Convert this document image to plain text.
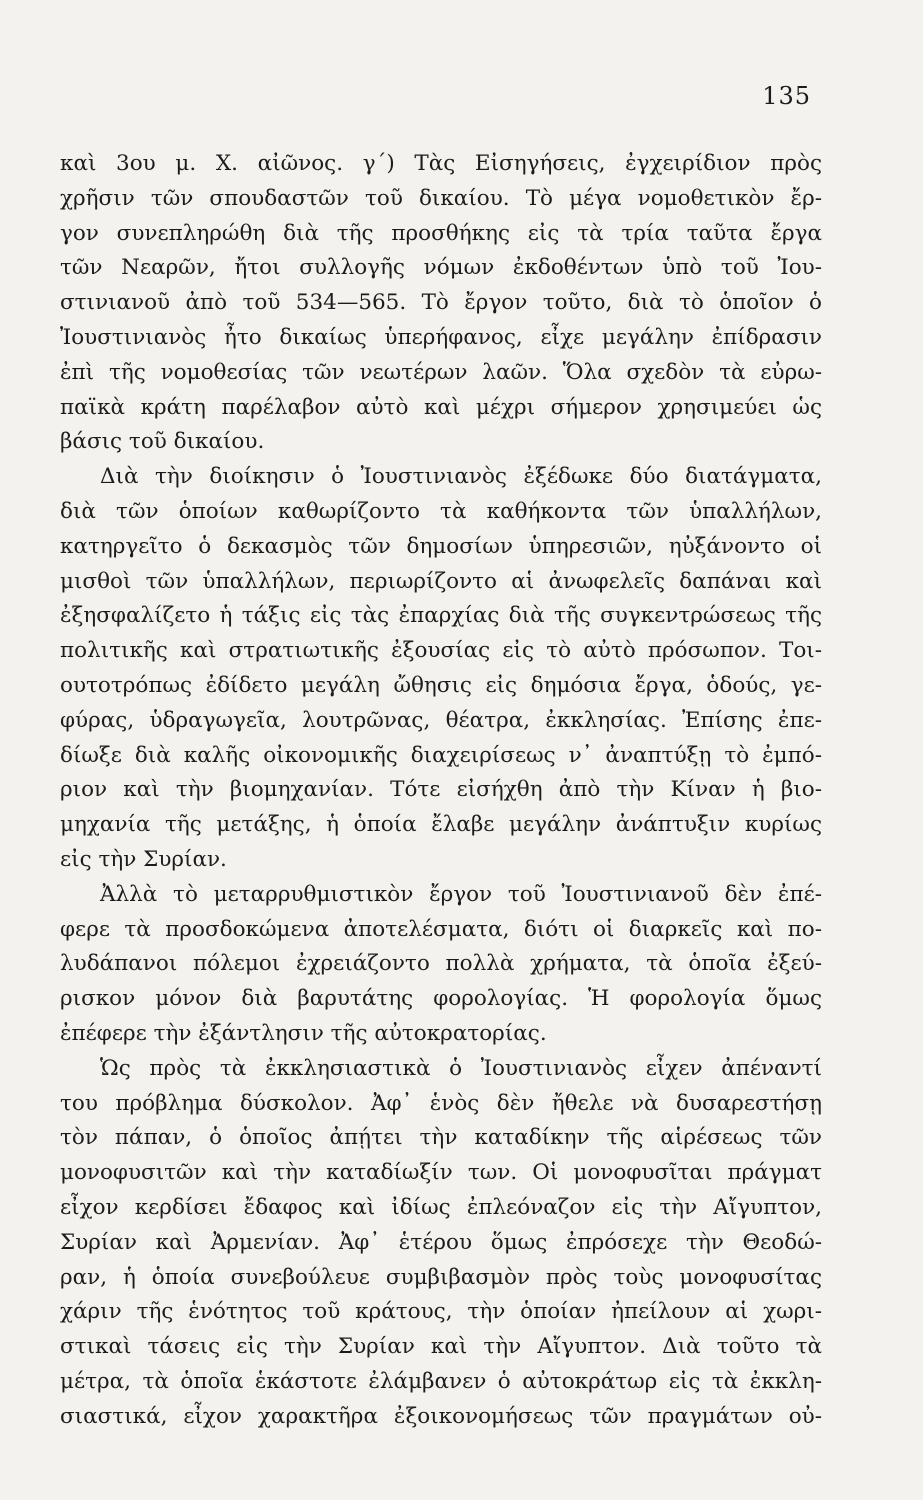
135
καὶ 3ου μ. Χ. αἰῶνος. γ΄) Τὰς Εἰσηγήσεις, ἐγχειρίδιον πρὸς
χρῆσιν τῶν σπουδαστῶν τοῦ δικαίου. Τὸ μέγα νομοθετικὸν ἔρ-
γον συνεπληρώθη διὰ τῆς προσθήκης εἰς τὰ τρία ταῦτα ἔργα
τῶν Νεαρῶν, ἤτοι συλλογῆς νόμων ἐκδοθέντων ὑπὸ τοῦ Ἰου-
στινιανοῦ ἀπὸ τοῦ 534—565. Τὸ ἔργον τοῦτο, διὰ τὸ ὁποῖον ὁ
Ἰουστινιανὸς ἦτο δικαίως ὑπερήφανος, εἶχε μεγάλην ἐπίδρασιν
ἐπὶ τῆς νομοθεσίας τῶν νεωτέρων λαῶν. Ὅλα σχεδὸν τὰ εὐρω-
παϊκὰ κράτη παρέλαβον αὐτὸ καὶ μέχρι σήμερον χρησιμεύει ὡς
βάσις τοῦ δικαίου.
Διὰ τὴν διοίκησιν ὁ Ἰουστινιανὸς ἐξέδωκε δύο διατάγματα,
διὰ τῶν ὁποίων καθωρίζοντο τὰ καθήκοντα τῶν ὑπαλλήλων,
κατηργεῖτο ὁ δεκασμὸς τῶν δημοσίων ὑπηρεσιῶν, ηὐξάνοντο οἱ
μισθοὶ τῶν ὑπαλλήλων, περιωρίζοντο αἱ ἀνωφελεῖς δαπάναι καὶ
ἐξησφαλίζετο ἡ τάξις εἰς τὰς ἐπαρχίας διὰ τῆς συγκεντρώσεως τῆς
πολιτικῆς καὶ στρατιωτικῆς ἐξουσίας εἰς τὸ αὐτὸ πρόσωπον. Τοι-
ουτοτρόπως ἐδίδετο μεγάλη ὤθησις εἰς δημόσια ἔργα, ὁδούς, γε-
φύρας, ὑδραγωγεῖα, λουτρῶνας, θέατρα, ἐκκλησίας. Ἐπίσης ἐπε-
δίωξε διὰ καλῆς οἰκονομικῆς διαχειρίσεως ν᾿ ἀναπτύξῃ τὸ ἐμπό-
ριον καὶ τὴν βιομηχανίαν. Τότε εἰσήχθη ἀπὸ τὴν Κίναν ἡ βιο-
μηχανία τῆς μετάξης, ἡ ὁποία ἔλαβε μεγάλην ἀνάπτυξιν κυρίως
εἰς τὴν Συρίαν.
Ἀλλὰ τὸ μεταρρυθμιστικὸν ἔργον τοῦ Ἰουστινιανοῦ δὲν ἐπέ-
φερε τὰ προσδοκώμενα ἀποτελέσματα, διότι οἱ διαρκεῖς καὶ πο-
λυδάπανοι πόλεμοι ἐχρειάζοντο πολλὰ χρήματα, τὰ ὁποῖα ἐξεύ-
ρισκον μόνον διὰ βαρυτάτης φορολογίας. Ἡ φορολογία ὅμως
ἐπέφερε τὴν ἐξάντλησιν τῆς αὐτοκρατορίας.
Ὡς πρὸς τὰ ἐκκλησιαστικὰ ὁ Ἰουστινιανὸς εἶχεν ἀπέναντί
του πρόβλημα δύσκολον. Ἀφ᾿ ἑνὸς δὲν ἤθελε νὰ δυσαρεστήσῃ
τὸν πάπαν, ὁ ὁποῖος ἀπῄτει τὴν καταδίκην τῆς αἱρέσεως τῶν
μονοφυσιτῶν καὶ τὴν καταδίωξίν των. Οἱ μονοφυσῖται πράγματ
εἶχον κερδίσει ἔδαφος καὶ ἰδίως ἐπλεόναζον εἰς τὴν Αἴγυπτον,
Συρίαν καὶ Ἀρμενίαν. Ἀφ᾿ ἑτέρου ὅμως ἐπρόσεχε τὴν Θεοδώ-
ραν, ἡ ὁποία συνεβούλευε συμβιβασμὸν πρὸς τοὺς μονοφυσίτας
χάριν τῆς ἑνότητος τοῦ κράτους, τὴν ὁποίαν ἠπείλουν αἱ χωρι-
στικαὶ τάσεις εἰς τὴν Συρίαν καὶ τὴν Αἴγυπτον. Διὰ τοῦτο τὰ
μέτρα, τὰ ὁποῖα ἑκάστοτε ἐλάμβανεν ὁ αὐτοκράτωρ εἰς τὰ ἐκκλη-
σιαστικά, εἶχον χαρακτῆρα ἐξοικονομήσεως τῶν πραγμάτων οὐ-
